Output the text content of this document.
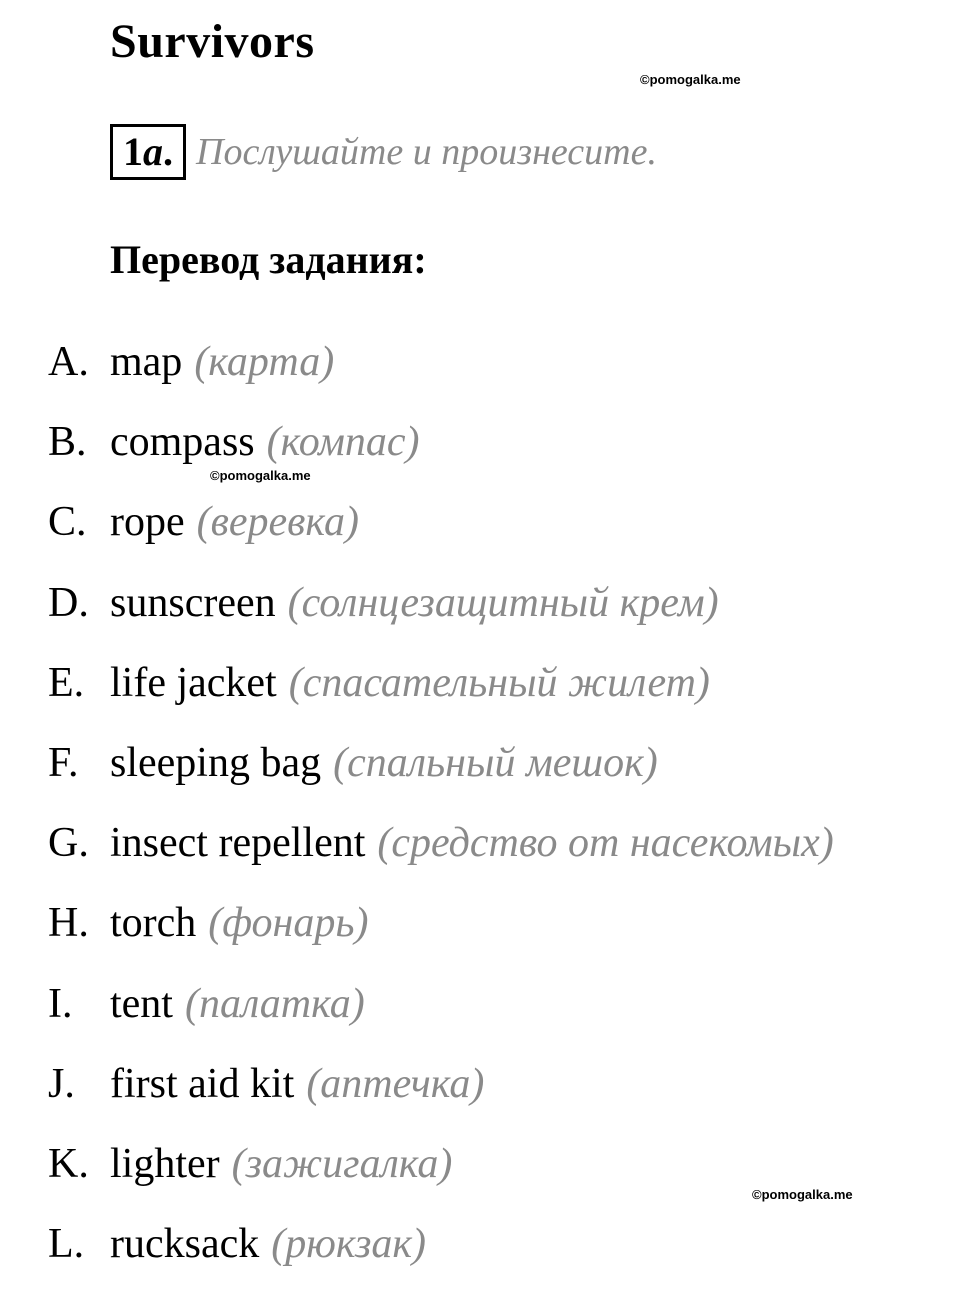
Survivors
©pomogalka.me
1 a . Послушайте и произнесите.
Перевод задания:
©pomogalka.me
A. map (карта)
B. compass (компас)
C. rope (веревка)
D. sunscreen (солнцезащитный крем)
E. life jacket (спасательный жилет)
F. sleeping bag (спальный мешок)
G. insect repellent (средство от насекомых)
H. torch (фонарь)
I. tent (палатка)
J. first aid kit (аптечка)
K. lighter (зажигалка)
L. rucksack (рюкзак)
©pomogalka.me
